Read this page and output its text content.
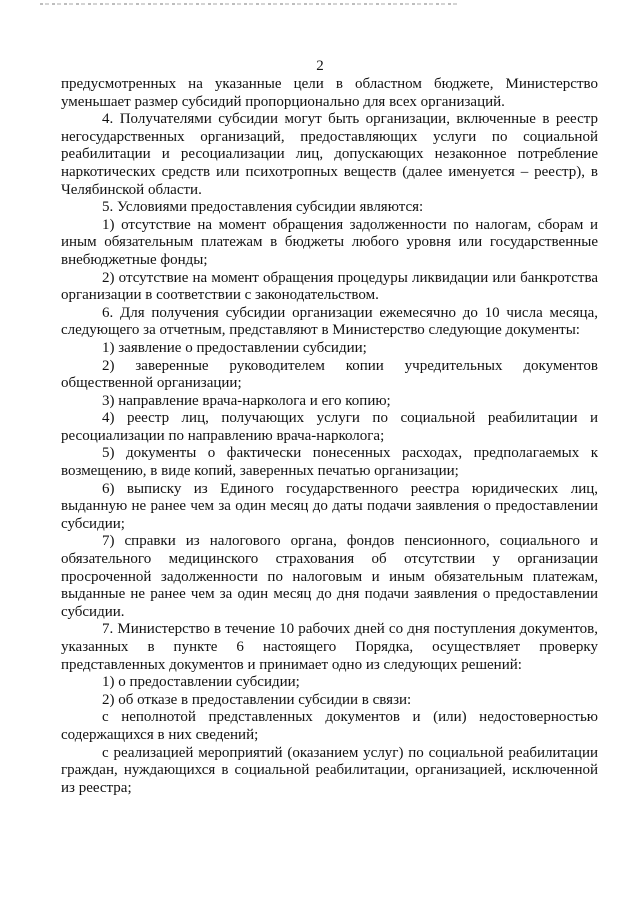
2

предусмотренных на указанные цели в областном бюджете, Министерство уменьшает размер субсидий пропорционально для всех организаций.

4. Получателями субсидии могут быть организации, включенные в реестр негосударственных организаций, предоставляющих услуги по социальной реабилитации и ресоциализации лиц, допускающих незаконное потребление наркотических средств или психотропных веществ (далее именуется – реестр), в Челябинской области.

5. Условиями предоставления субсидии являются:

1) отсутствие на момент обращения задолженности по налогам, сборам и иным обязательным платежам в бюджеты любого уровня или государственные внебюджетные фонды;

2) отсутствие на момент обращения процедуры ликвидации или банкротства организации в соответствии с законодательством.

6. Для получения субсидии организации ежемесячно до 10 числа месяца, следующего за отчетным, представляют в Министерство следующие документы:

1) заявление о предоставлении субсидии;

2) заверенные руководителем копии учредительных документов общественной организации;

3) направление врача-нарколога и его копию;

4) реестр лиц, получающих услуги по социальной реабилитации и ресоциализации по направлению врача-нарколога;

5) документы о фактически понесенных расходах, предполагаемых к возмещению, в виде копий, заверенных печатью организации;

6) выписку из Единого государственного реестра юридических лиц, выданную не ранее чем за один месяц до даты подачи заявления о предоставлении субсидии;

7) справки из налогового органа, фондов пенсионного, социального и обязательного медицинского страхования об отсутствии у организации просроченной задолженности по налоговым и иным обязательным платежам, выданные не ранее чем за один месяц до дня подачи заявления о предоставлении субсидии.

7. Министерство в течение 10 рабочих дней со дня поступления документов, указанных в пункте 6 настоящего Порядка, осуществляет проверку представленных документов и принимает одно из следующих решений:

1) о предоставлении субсидии;

2) об отказе в предоставлении субсидии в связи:

с неполнотой представленных документов и (или) недостоверностью содержащихся в них сведений;

с реализацией мероприятий (оказанием услуг) по социальной реабилитации граждан, нуждающихся в социальной реабилитации, организацией, исключенной из реестра;
